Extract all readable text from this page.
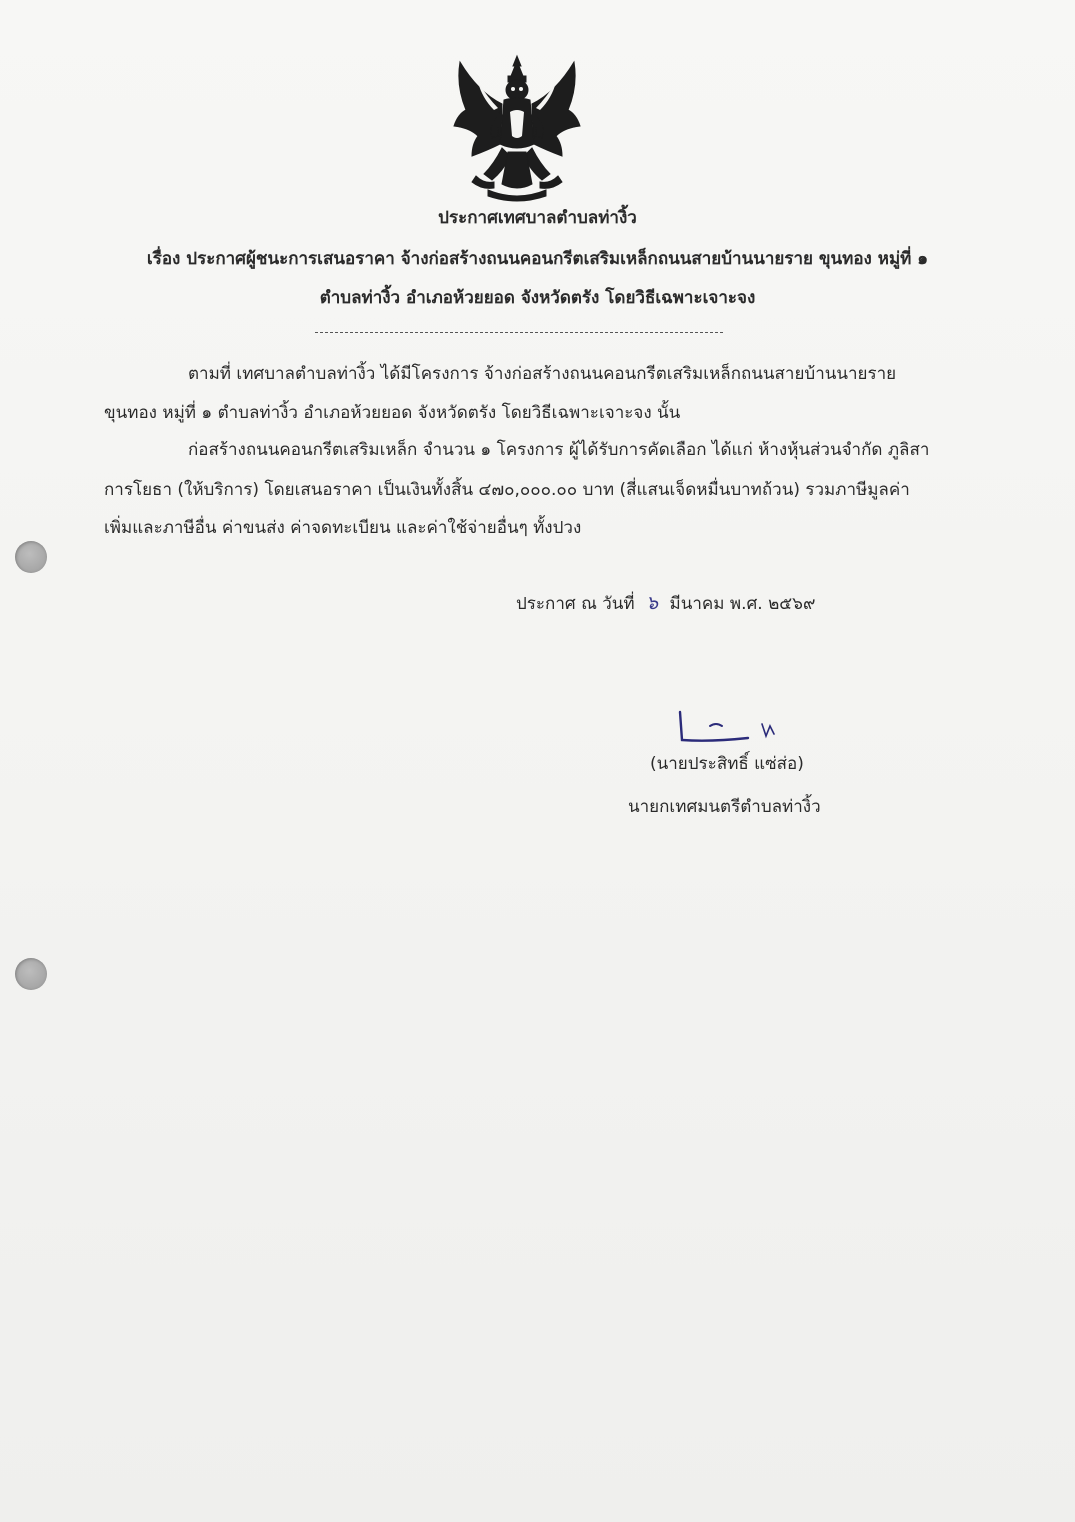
ประกาศเทศบาลตำบลท่างิ้ว
เรื่อง ประกาศผู้ชนะการเสนอราคา จ้างก่อสร้างถนนคอนกรีตเสริมเหล็กถนนสายบ้านนายราย ขุนทอง หมู่ที่ ๑
ตำบลท่างิ้ว อำเภอห้วยยอด จังหวัดตรัง โดยวิธีเฉพาะเจาะจง
ตามที่ เทศบาลตำบลท่างิ้ว ได้มีโครงการ จ้างก่อสร้างถนนคอนกรีตเสริมเหล็กถนนสายบ้านนายราย
ขุนทอง หมู่ที่ ๑ ตำบลท่างิ้ว อำเภอห้วยยอด จังหวัดตรัง โดยวิธีเฉพาะเจาะจง นั้น
ก่อสร้างถนนคอนกรีตเสริมเหล็ก จำนวน ๑ โครงการ ผู้ได้รับการคัดเลือก ได้แก่ ห้างหุ้นส่วนจำกัด ภูลิสา
การโยธา (ให้บริการ) โดยเสนอราคา เป็นเงินทั้งสิ้น ๔๗๐,๐๐๐.๐๐ บาท (สี่แสนเจ็ดหมื่นบาทถ้วน) รวมภาษีมูลค่า
เพิ่มและภาษีอื่น ค่าขนส่ง ค่าจดทะเบียน และค่าใช้จ่ายอื่นๆ ทั้งปวง
ประกาศ ณ วันที่ ๖ มีนาคม พ.ศ. ๒๕๖๙
(นายประสิทธิ์ แซ่ส่อ)
นายกเทศมนตรีตำบลท่างิ้ว
